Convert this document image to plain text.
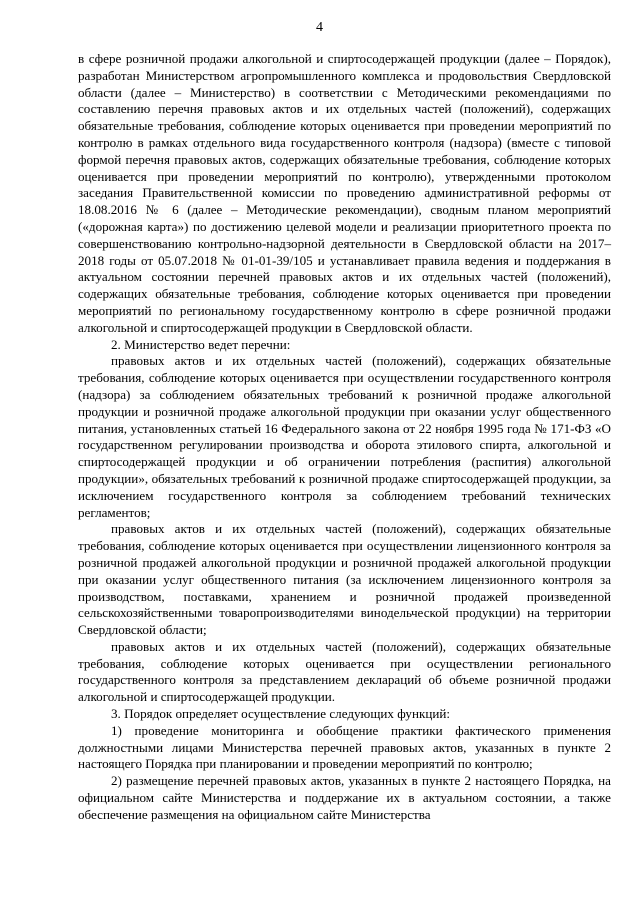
4

в сфере розничной продажи алкогольной и спиртосодержащей продукции (далее – Порядок), разработан Министерством агропромышленного комплекса и продовольствия Свердловской области (далее – Министерство) в соответствии с Методическими рекомендациями по составлению перечня правовых актов и их отдельных частей (положений), содержащих обязательные требования, соблюдение которых оценивается при проведении мероприятий по контролю в рамках отдельного вида государственного контроля (надзора) (вместе с типовой формой перечня правовых актов, содержащих обязательные требования, соблюдение которых оценивается при проведении мероприятий по контролю), утвержденными протоколом заседания Правительственной комиссии по проведению административной реформы от 18.08.2016 № 6 (далее – Методические рекомендации), сводным планом мероприятий («дорожная карта») по достижению целевой модели и реализации приоритетного проекта по совершенствованию контрольно-надзорной деятельности в Свердловской области на 2017–2018 годы от 05.07.2018 № 01-01-39/105 и устанавливает правила ведения и поддержания в актуальном состоянии перечней правовых актов и их отдельных частей (положений), содержащих обязательные требования, соблюдение которых оценивается при проведении мероприятий по региональному государственному контролю в сфере розничной продажи алкогольной и спиртосодержащей продукции в Свердловской области.

2. Министерство ведет перечни:

правовых актов и их отдельных частей (положений), содержащих обязательные требования, соблюдение которых оценивается при осуществлении государственного контроля (надзора) за соблюдением обязательных требований к розничной продаже алкогольной продукции и розничной продаже алкогольной продукции при оказании услуг общественного питания, установленных статьей 16 Федерального закона от 22 ноября 1995 года № 171-ФЗ «О государственном регулировании производства и оборота этилового спирта, алкогольной и спиртосодержащей продукции и об ограничении потребления (распития) алкогольной продукции», обязательных требований к розничной продаже спиртосодержащей продукции, за исключением государственного контроля за соблюдением требований технических регламентов;

правовых актов и их отдельных частей (положений), содержащих обязательные требования, соблюдение которых оценивается при осуществлении лицензионного контроля за розничной продажей алкогольной продукции и розничной продажей алкогольной продукции при оказании услуг общественного питания (за исключением лицензионного контроля за производством, поставками, хранением и розничной продажей произведенной сельскохозяйственными товаропроизводителями винодельческой продукции) на территории Свердловской области;

правовых актов и их отдельных частей (положений), содержащих обязательные требования, соблюдение которых оценивается при осуществлении регионального государственного контроля за представлением деклараций об объеме розничной продажи алкогольной и спиртосодержащей продукции.

3. Порядок определяет осуществление следующих функций:

1) проведение мониторинга и обобщение практики фактического применения должностными лицами Министерства перечней правовых актов, указанных в пункте 2 настоящего Порядка при планировании и проведении мероприятий по контролю;

2) размещение перечней правовых актов, указанных в пункте 2 настоящего Порядка, на официальном сайте Министерства и поддержание их в актуальном состоянии, а также обеспечение размещения на официальном сайте Министерства
